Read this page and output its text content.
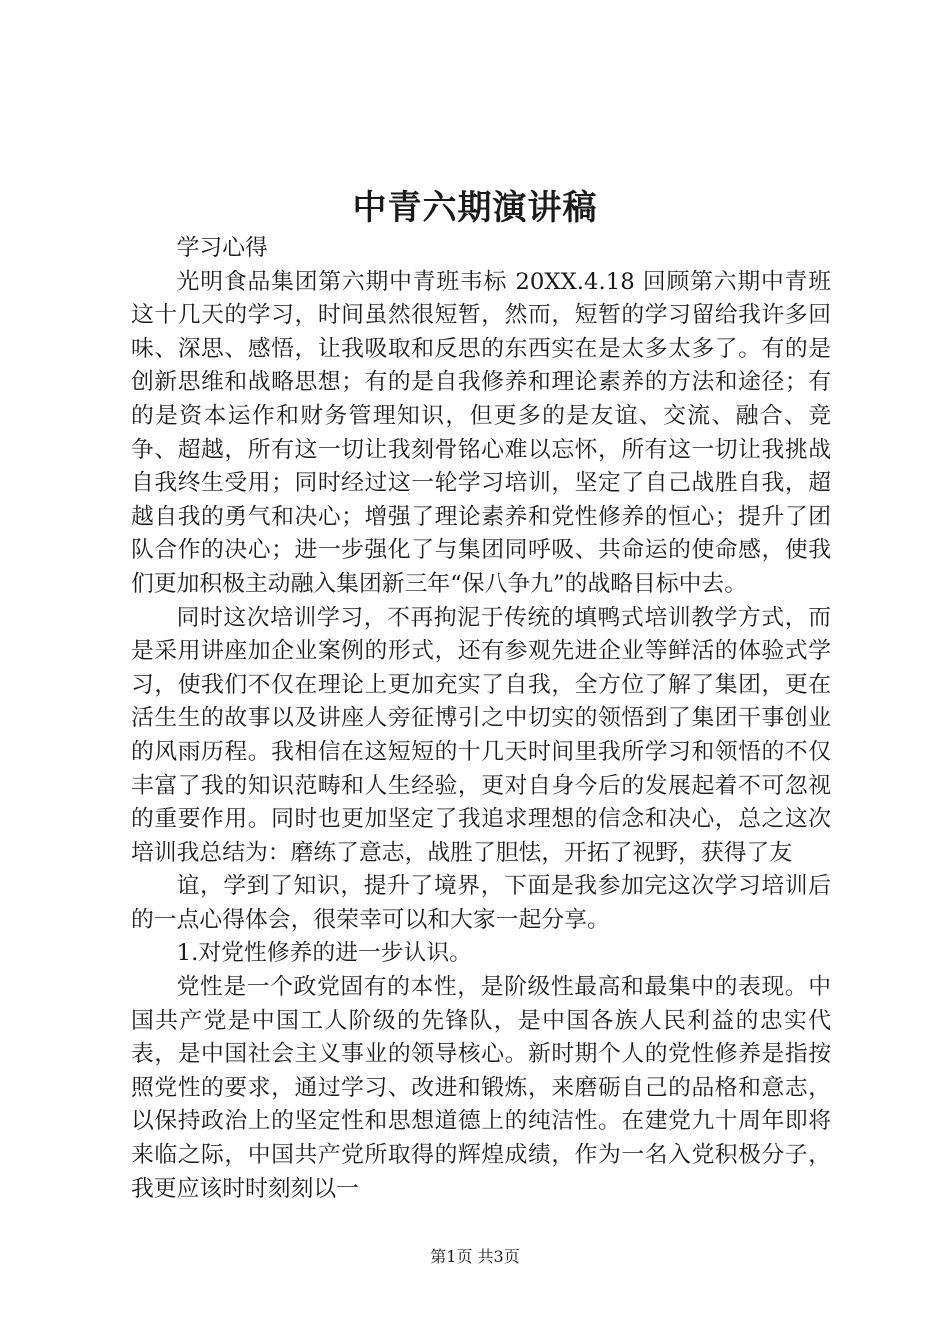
中青六期演讲稿

学习心得

光明食品集团第六期中青班韦标 20XX.4.18 回顾第六期中青班这十几天的学习，时间虽然很短暂，然而，短暂的学习留给我许多回味、深思、感悟，让我吸取和反思的东西实在是太多太多了。有的是创新思维和战略思想；有的是自我修养和理论素养的方法和途径；有的是资本运作和财务管理知识，但更多的是友谊、交流、融合、竞争、超越，所有这一切让我刻骨铭心难以忘怀，所有这一切让我挑战自我终生受用；同时经过这一轮学习培训，坚定了自己战胜自我，超越自我的勇气和决心；增强了理论素养和党性修养的恒心；提升了团队合作的决心；进一步强化了与集团同呼吸、共命运的使命感，使我们更加积极主动融入集团新三年“保八争九”的战略目标中去。

同时这次培训学习，不再拘泥于传统的填鸭式培训教学方式，而是采用讲座加企业案例的形式，还有参观先进企业等鲜活的体验式学习，使我们不仅在理论上更加充实了自我，全方位了解了集团，更在活生生的故事以及讲座人旁征博引之中切实的领悟到了集团干事创业的风雨历程。我相信在这短短的十几天时间里我所学习和领悟的不仅丰富了我的知识范畴和人生经验，更对自身今后的发展起着不可忽视的重要作用。同时也更加坚定了我追求理想的信念和决心，总之这次培训我总结为：磨练了意志，战胜了胆怯，开拓了视野，获得了友

谊，学到了知识，提升了境界，下面是我参加完这次学习培训后的一点心得体会，很荣幸可以和大家一起分享。

1.对党性修养的进一步认识。

党性是一个政党固有的本性，是阶级性最高和最集中的表现。中国共产党是中国工人阶级的先锋队，是中国各族人民利益的忠实代表，是中国社会主义事业的领导核心。新时期个人的党性修养是指按照党性的要求，通过学习、改进和锻炼，来磨砺自己的品格和意志，以保持政治上的坚定性和思想道德上的纯洁性。在建党九十周年即将来临之际，中国共产党所取得的辉煌成绩，作为一名入党积极分子，我更应该时时刻刻以一

第1页 共3页
